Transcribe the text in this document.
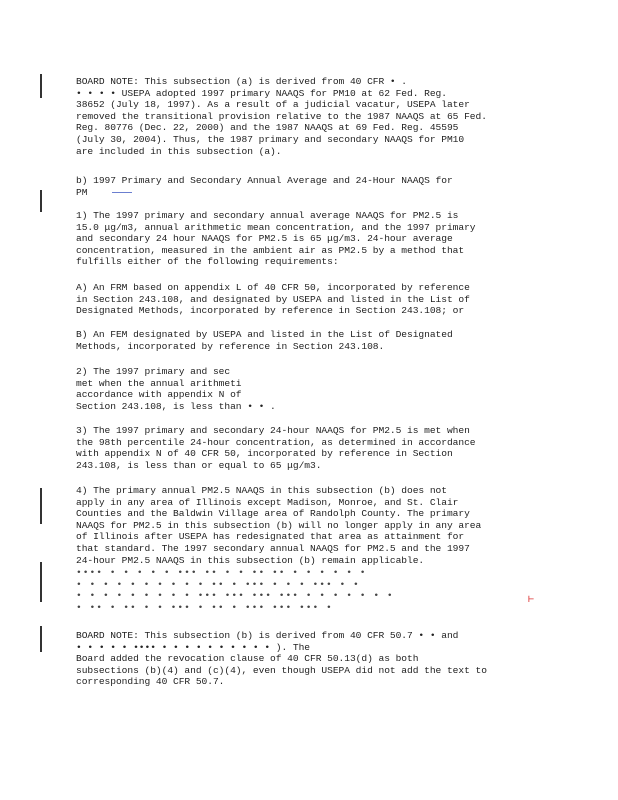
BOARD NOTE: This subsection (a) is derived from 40 CFR • .
• • • • USEPA adopted 1997 primary NAAQS for PM10 at 62 Fed. Reg.
38652 (July 18, 1997). As a result of a judicial vacatur, USEPA later
removed the transitional provision relative to the 1987 NAAQS at 65 Fed.
Reg. 80776 (Dec. 22, 2000) and the 1987 NAAQS at 69 Fed. Reg. 45595
(July 30, 2004). Thus, the 1987 primary and secondary NAAQS for PM10
are included in this subsection (a).
b) 1997 Primary and Secondary Annual Average and 24-Hour NAAQS for
PM
1) The 1997 primary and secondary annual average NAAQS for PM2.5 is
15.0 μg/m3, annual arithmetic mean concentration, and the 1997 primary
and secondary 24 hour NAAQS for PM2.5 is 65 μg/m3. 24-hour average
concentration, measured in the ambient air as PM2.5 by a method that
fulfills either of the following requirements:
A) An FRM based on appendix L of 40 CFR 50, incorporated by reference
in Section 243.108, and designated by USEPA and listed in the List of
Designated Methods, incorporated by reference in Section 243.108; or
B) An FEM designated by USEPA and listed in the List of Designated
Methods, incorporated by reference in Section 243.108.
2) The 1997 primary and sec
met when the annual arithmeti
accordance with appendix N of
Section 243.108, is less than • • .
3) The 1997 primary and secondary 24-hour NAAQS for PM2.5 is met when
the 98th percentile 24-hour concentration, as determined in accordance
with appendix N of 40 CFR 50, incorporated by reference in Section
243.108, is less than or equal to 65 μg/m3.
4) The primary annual PM2.5 NAAQS in this subsection (b) does not
apply in any area of Illinois except Madison, Monroe, and St. Clair
Counties and the Baldwin Village area of Randolph County. The primary
NAAQS for PM2.5 in this subsection (b) will no longer apply in any area
of Illinois after USEPA has redesignated that area as attainment for
that standard. The 1997 secondary annual NAAQS for PM2.5 and the 1997
24-hour PM2.5 NAAQS in this subsection (b) remain applicable.
•••• • • • • • ••• •• • • •• •• • • • • • •
• • • • • • • • • • •• • ••• • • • ••• • •
• • • • • • • • • ••• ••• ••• ••• • • • • • • •
• •• • •• • • ••• • •• • ••• ••• ••• •
⊢
BOARD NOTE: This subsection (b) is derived from 40 CFR 50.7 • • and
• • • • • •••• • • • • • • • • • • ). The
Board added the revocation clause of 40 CFR 50.13(d) as both
subsections (b)(4) and (c)(4), even though USEPA did not add the text to
corresponding 40 CFR 50.7.
